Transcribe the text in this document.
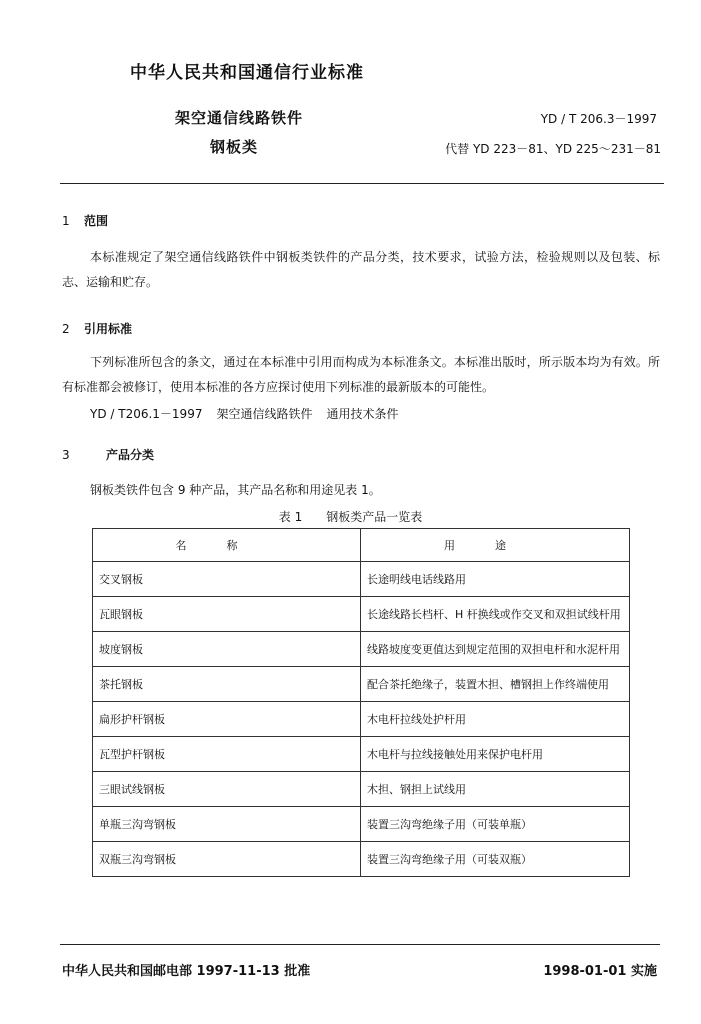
中华人民共和国通信行业标准
架空通信线路铁件
钢板类
YD / T 206.3－1997
代替 YD 223－81、YD 225～231－81
1 范围
本标准规定了架空通信线路铁件中钢板类铁件的产品分类，技术要求，试验方法，检验规则以及包装、标志、运输和贮存。
2 引用标准
下列标准所包含的条文，通过在本标准中引用而构成为本标准条文。本标准出版时，所示版本均为有效。所有标准都会被修订，使用本标准的各方应探讨使用下列标准的最新版本的可能性。
YD / T206.1－1997 架空通信线路铁件 通用技术条件
3	产品分类
钢板类铁件包含 9 种产品，其产品名称和用途见表 1。
表 1 钢板类产品一览表
名称	用途
交叉钢板	长途明线电话线路用
瓦眼钢板	长途线路长档杆、H 杆换线或作交叉和双担试线杆用
坡度钢板	线路坡度变更值达到规定范围的双担电杆和水泥杆用
茶托钢板	配合茶托绝缘子，装置木担、槽钢担上作终端使用
扁形护杆钢板	木电杆拉线处护杆用
瓦型护杆钢板	木电杆与拉线接触处用来保护电杆用
三眼试线钢板	木担、钢担上试线用
单瓶三沟弯钢板	装置三沟弯绝缘子用（可装单瓶）
双瓶三沟弯钢板	装置三沟弯绝缘子用（可装双瓶）
中华人民共和国邮电部 1997-11-13 批准	1998-01-01 实施
